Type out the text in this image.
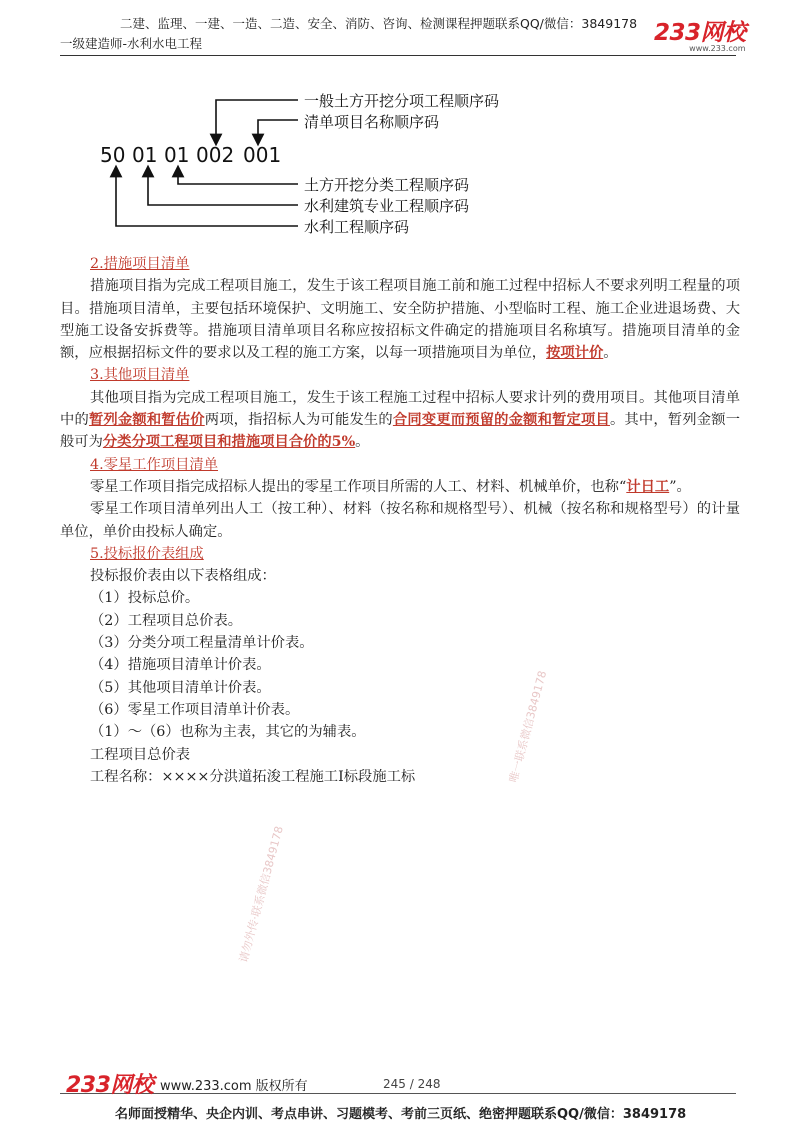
二建、监理、一建、一造、二造、安全、消防、咨询、检测课程押题联系QQ/微信：3849178
一级建造师-水利水电工程	233网校
www.233.com
50 01 01 002 001
一般土方开挖分项工程顺序码
清单项目名称顺序码
土方开挖分类工程顺序码
水利建筑专业工程顺序码
水利工程顺序码
2.措施项目清单
措施项目指为完成工程项目施工，发生于该工程项目施工前和施工过程中招标人不要求列明工程量的项目。措施项目清单，主要包括环境保护、文明施工、安全防护措施、小型临时工程、施工企业进退场费、大型施工设备安拆费等。措施项目清单项目名称应按招标文件确定的措施项目名称填写。措施项目清单的金额，应根据招标文件的要求以及工程的施工方案，以每一项措施项目为单位，按项计价。
3.其他项目清单
其他项目指为完成工程项目施工，发生于该工程施工过程中招标人要求计列的费用项目。其他项目清单中的暂列金额和暂估价两项，指招标人为可能发生的合同变更而预留的金额和暂定项目。其中，暂列金额一般可为分类分项工程项目和措施项目合价的5%。
4.零星工作项目清单
零星工作项目指完成招标人提出的零星工作项目所需的人工、材料、机械单价，也称“计日工”。
零星工作项目清单列出人工（按工种）、材料（按名称和规格型号）、机械（按名称和规格型号）的计量单位，单价由投标人确定。
5.投标报价表组成
投标报价表由以下表格组成：
（1）投标总价。
（2）工程项目总价表。
（3）分类分项工程量清单计价表。
（4）措施项目清单计价表。
（5）其他项目清单计价表。
（6）零星工作项目清单计价表。
（1）～（6）也称为主表，其它的为辅表。
工程项目总价表
工程名称：××××分洪道拓浚工程施工I标段施工标
请勿外传·联系微信3849178
唯一联系微信3849178
233网校 www.233.com 版权所有	245 / 248
名师面授精华、央企内训、考点串讲、习题模考、考前三页纸、绝密押题联系QQ/微信：3849178
